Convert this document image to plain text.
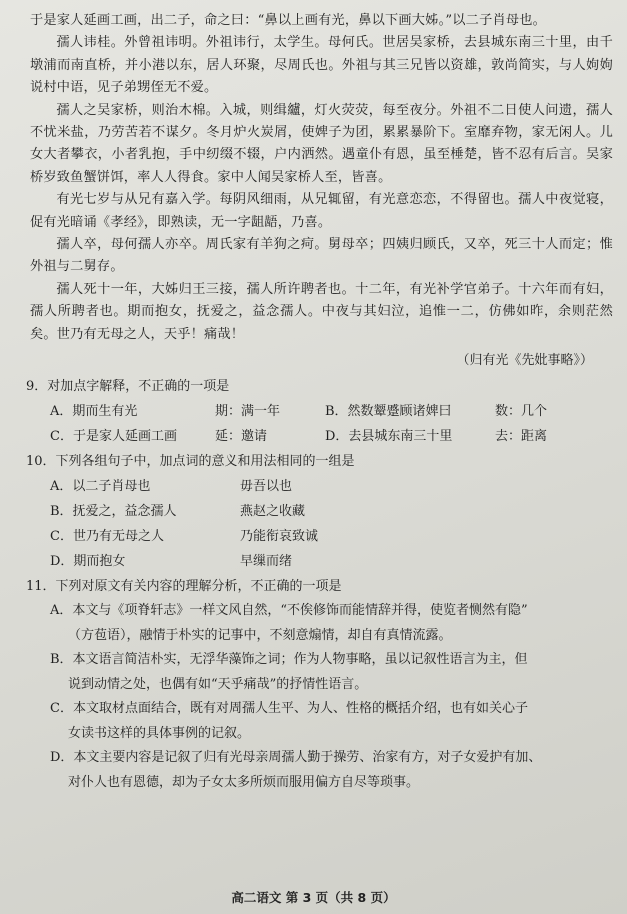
于是家人延画工画，出二子，命之曰：“鼻以上画有光，鼻以下画大姊。”以二子肖母也。

孺人讳桂。外曾祖讳明。外祖讳行，太学生。母何氏。世居吴家桥，去县城东南三十里，由千墩浦而南直桥，并小港以东，居人环聚，尽周氏也。外祖与其三兄皆以资雄，敦尚简实，与人姁姁说村中语，见子弟甥侄无不爱。

孺人之吴家桥，则治木棉。入城，则缉纑，灯火荧荧，每至夜分。外祖不二日使人问遗，孺人不忧米盐，乃劳苦若不谋夕。冬月炉火炭屑，使婢子为团，累累暴阶下。室靡弃物，家无闲人。儿女大者攀衣，小者乳抱，手中纫缀不辍，户内洒然。遇童仆有恩，虽至棰楚，皆不忍有后言。吴家桥岁致鱼蟹饼饵，率人人得食。家中人闻吴家桥人至，皆喜。

有光七岁与从兄有嘉入学。每阴风细雨，从兄辄留，有光意恋恋，不得留也。孺人中夜觉寝，促有光暗诵《孝经》，即熟读，无一字龃龉，乃喜。

孺人卒，母何孺人亦卒。周氏家有羊狗之疴。舅母卒；四姨归顾氏，又卒，死三十人而定；惟外祖与二舅存。

孺人死十一年，大姊归王三接，孺人所许聘者也。十二年，有光补学官弟子。十六年而有妇，孺人所聘者也。期而抱女，抚爱之，益念孺人。中夜与其妇泣，追惟一二，仿佛如昨，余则茫然矣。世乃有无母之人，天乎！痛哉！

（归有光《先妣事略》）
9．对加点字解释，不正确的一项是
A．期而生有光	期：满一年	B．然数颦蹙顾诸婢曰	数：几个
C．于是家人延画工画	延：邀请	D．去县城东南三十里	去：距离
10．下列各组句子中，加点词的意义和用法相同的一组是
A．以二子肖母也	毋吾以也
B．抚爱之，益念孺人	燕赵之收藏
C．世乃有无母之人	乃能衔哀致诚
D．期而抱女	早缫而绪
11．下列对原文有关内容的理解分析，不正确的一项是
A．本文与《项脊轩志》一样文风自然，“不俟修饰而能情辞并得，使览者恻然有隐”
（方苞语），融情于朴实的记事中，不刻意煽情，却自有真情流露。
B．本文语言简洁朴实，无浮华藻饰之词；作为人物事略，虽以记叙性语言为主，但
说到动情之处，也偶有如“天乎痛哉”的抒情性语言。
C．本文取材点面结合，既有对周孺人生平、为人、性格的概括介绍，也有如关心子
女读书这样的具体事例的记叙。
D．本文主要内容是记叙了归有光母亲周孺人勤于操劳、治家有方，对子女爱护有加、
对仆人也有恩德，却为子女太多所烦而服用偏方自尽等琐事。
高二语文 第 3 页（共 8 页）
